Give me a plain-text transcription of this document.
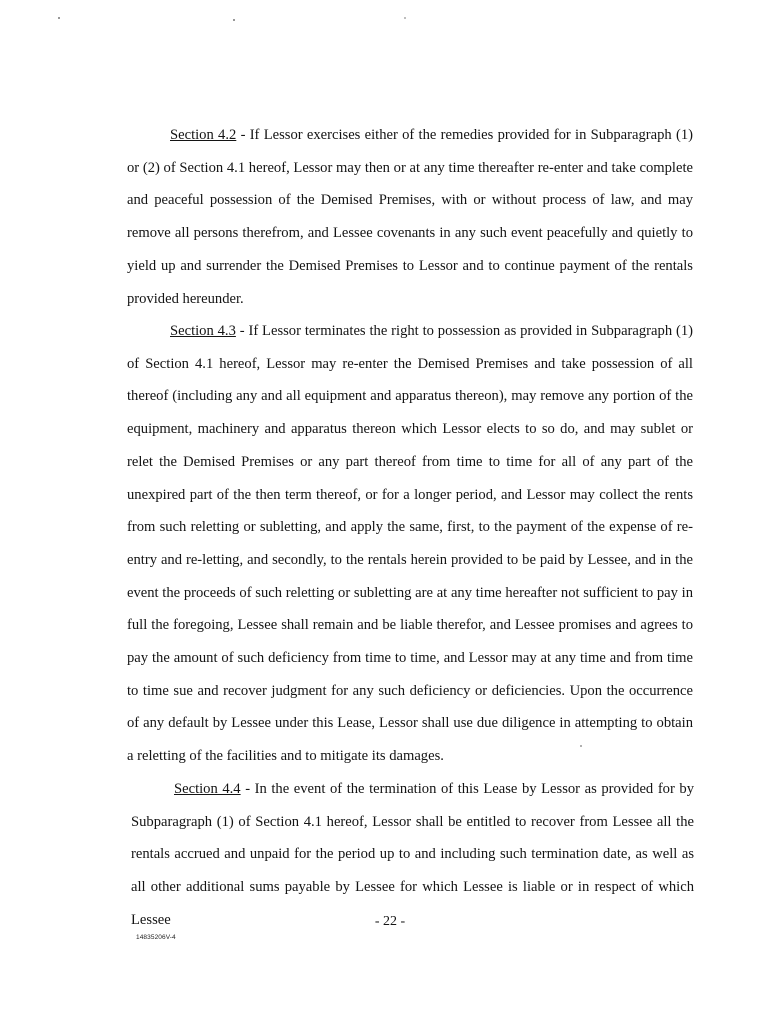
Section 4.2 - If Lessor exercises either of the remedies provided for in Subparagraph (1) or (2) of Section 4.1 hereof, Lessor may then or at any time thereafter re-enter and take complete and peaceful possession of the Demised Premises, with or without process of law, and may remove all persons therefrom, and Lessee covenants in any such event peacefully and quietly to yield up and surrender the Demised Premises to Lessor and to continue payment of the rentals provided hereunder.

Section 4.3 - If Lessor terminates the right to possession as provided in Subparagraph (1) of Section 4.1 hereof, Lessor may re-enter the Demised Premises and take possession of all thereof (including any and all equipment and apparatus thereon), may remove any portion of the equipment, machinery and apparatus thereon which Lessor elects to so do, and may sublet or relet the Demised Premises or any part thereof from time to time for all of any part of the unexpired part of the then term thereof, or for a longer period, and Lessor may collect the rents from such reletting or subletting, and apply the same, first, to the payment of the expense of re-entry and re-letting, and secondly, to the rentals herein provided to be paid by Lessee, and in the event the proceeds of such reletting or subletting are at any time hereafter not sufficient to pay in full the foregoing, Lessee shall remain and be liable therefor, and Lessee promises and agrees to pay the amount of such deficiency from time to time, and Lessor may at any time and from time to time sue and recover judgment for any such deficiency or deficiencies. Upon the occurrence of any default by Lessee under this Lease, Lessor shall use due diligence in attempting to obtain a reletting of the facilities and to mitigate its damages.

Section 4.4 - In the event of the termination of this Lease by Lessor as provided for by Subparagraph (1) of Section 4.1 hereof, Lessor shall be entitled to recover from Lessee all the rentals accrued and unpaid for the period up to and including such termination date, as well as all other additional sums payable by Lessee for which Lessee is liable or in respect of which Lessee	- 22 -
14835206V-4
